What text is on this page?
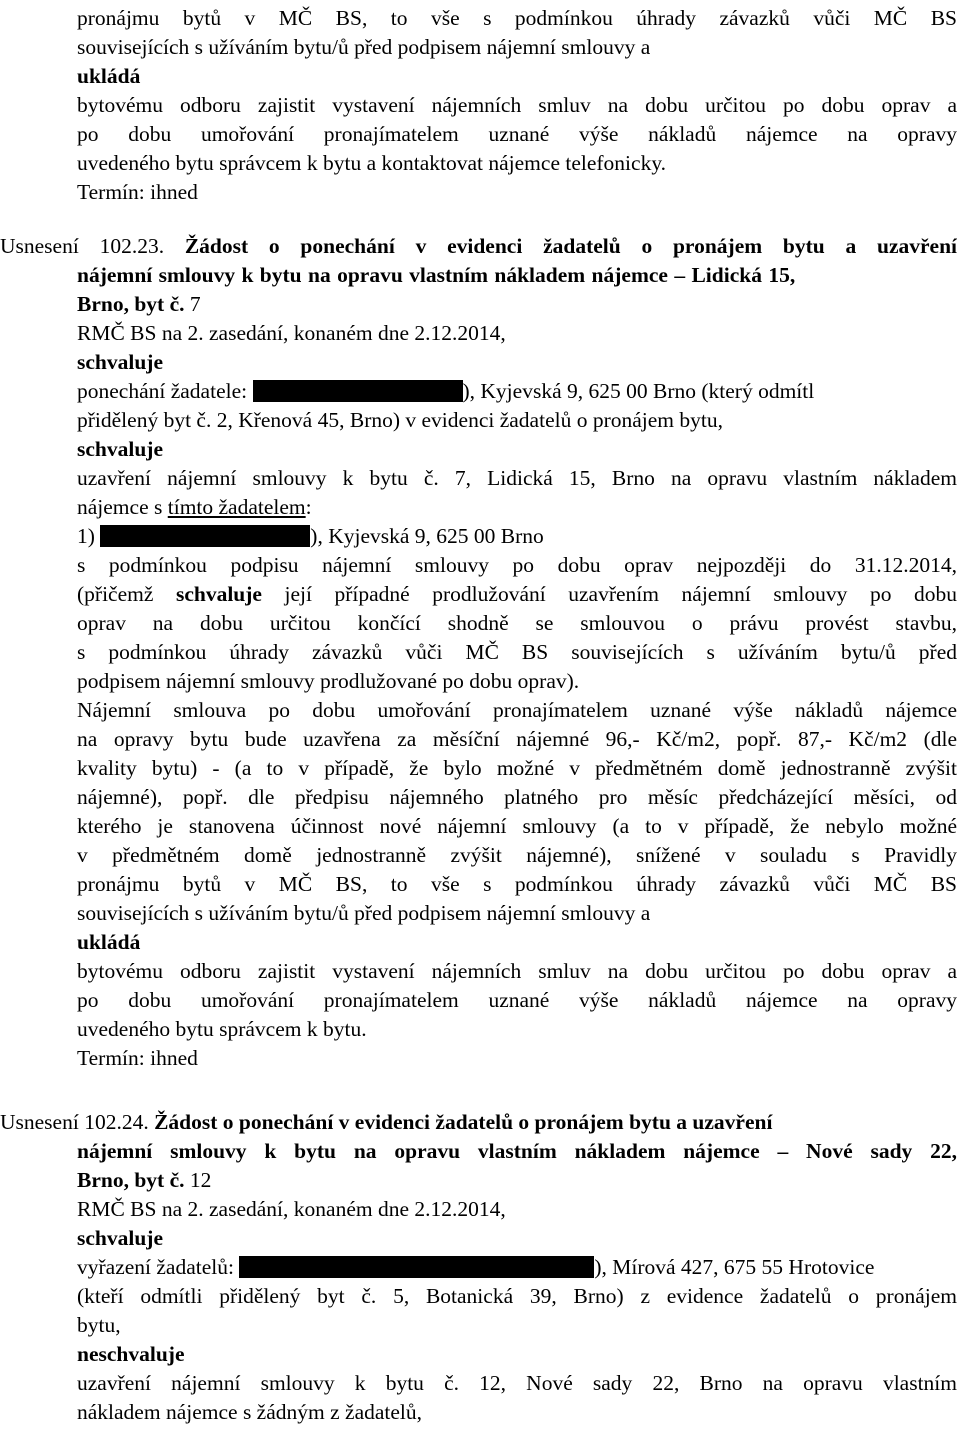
pronájmu bytů v MČ BS, to vše s podmínkou úhrady závazků vůči MČ BS
souvisejících s užíváním bytu/ů před podpisem nájemní smlouvy a
ukládá
bytovému odboru zajistit vystavení nájemních smluv na dobu určitou po dobu oprav a
po dobu umořování pronajímatelem uznané výše nákladů nájemce na opravy
uvedeného bytu správcem k bytu a kontaktovat nájemce telefonicky.
Termín: ihned
Usnesení 102.23. Žádost o ponechání v evidenci žadatelů o pronájem bytu a uzavření
nájemní smlouvy k bytu na opravu vlastním nákladem nájemce – Lidická 15,
Brno, byt č. 7
RMČ BS na 2. zasedání, konaném dne 2.12.2014,
schvaluje
ponechání žadatele:	), Kyjevská 9, 625 00 Brno (který odmítl
přidělený byt č. 2, Křenová 45, Brno) v evidenci žadatelů o pronájem bytu,
schvaluje
uzavření nájemní smlouvy k bytu č. 7, Lidická 15, Brno na opravu vlastním nákladem
nájemce s tímto žadatelem:
1)	), Kyjevská 9, 625 00 Brno
s podmínkou podpisu nájemní smlouvy po dobu oprav nejpozději do 31.12.2014,
(přičemž schvaluje její případné prodlužování uzavřením nájemní smlouvy po dobu
oprav na dobu určitou končící shodně se smlouvou o právu provést stavbu,
s podmínkou úhrady závazků vůči MČ BS souvisejících s užíváním bytu/ů před
podpisem nájemní smlouvy prodlužované po dobu oprav).
Nájemní smlouva po dobu umořování pronajímatelem uznané výše nákladů nájemce
na opravy bytu bude uzavřena za měsíční nájemné 96,- Kč/m2, popř. 87,- Kč/m2 (dle
kvality bytu) - (a to v případě, že bylo možné v předmětném domě jednostranně zvýšit
nájemné), popř. dle předpisu nájemného platného pro měsíc předcházející měsíci, od
kterého je stanovena účinnost nové nájemní smlouvy (a to v případě, že nebylo možné
v předmětném domě jednostranně zvýšit nájemné), snížené v souladu s Pravidly
pronájmu bytů v MČ BS, to vše s podmínkou úhrady závazků vůči MČ BS
souvisejících s užíváním bytu/ů před podpisem nájemní smlouvy a
ukládá
bytovému odboru zajistit vystavení nájemních smluv na dobu určitou po dobu oprav a
po dobu umořování pronajímatelem uznané výše nákladů nájemce na opravy
uvedeného bytu správcem k bytu.
Termín: ihned
Usnesení 102.24. Žádost o ponechání v evidenci žadatelů o pronájem bytu a uzavření
nájemní smlouvy k bytu na opravu vlastním nákladem nájemce – Nové sady 22,
Brno, byt č. 12
RMČ BS na 2. zasedání, konaném dne 2.12.2014,
schvaluje
vyřazení žadatelů:	), Mírová 427, 675 55 Hrotovice
(kteří odmítli přidělený byt č. 5, Botanická 39, Brno) z evidence žadatelů o pronájem
bytu,
neschvaluje
uzavření nájemní smlouvy k bytu č. 12, Nové sady 22, Brno na opravu vlastním
nákladem nájemce s žádným z žadatelů,
